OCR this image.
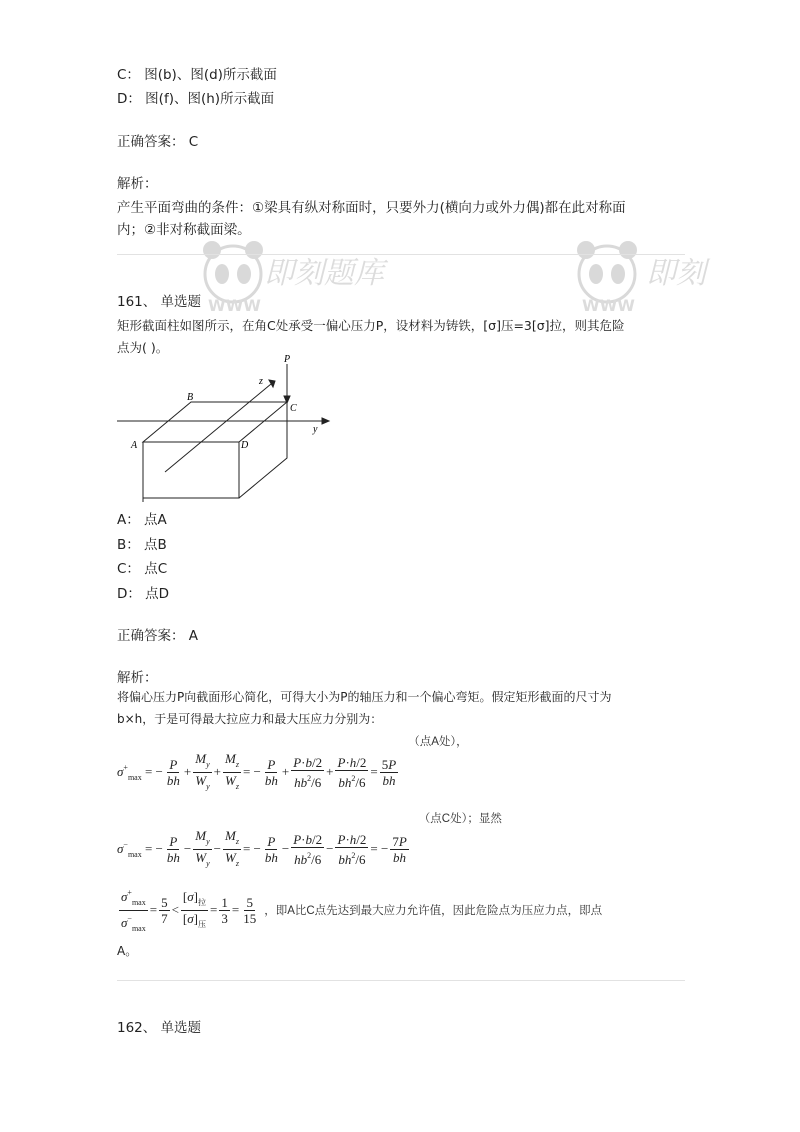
即刻题库
WWW
即刻
WWW
C： 图(b)、图(d)所示截面
D： 图(f)、图(h)所示截面
正确答案： C
解析：
产生平面弯曲的条件：①梁具有纵对称面时，只要外力(横向力或外力偶)都在此对称面
内；②非对称截面梁。
161、 单选题
矩形截面柱如图所示，在角C处承受一偏心压力P，设材料为铸铁，[σ]压=3[σ]拉，则其危险
点为( )。
P
z
y
A
B
C
D
A： 点A
B： 点B
C： 点C
D： 点D
正确答案： A
解析：
将偏心压力P向截面形心简化，可得大小为P的轴压力和一个偏心弯矩。假定矩形截面的尺寸为
b×h，于是可得最大拉应力和最大压应力分别为：
$\sigma^+_{max}$ = − $\frac{P}{bh} + \frac{M_y}{W_y} + \frac{M_z}{W_z}$ = − $\frac{P}{bh} + \frac{P\cdot b/2}{hb^2/6} + \frac{P\cdot h/2}{bh^2/6} = \frac{5P}{bh}$
（点A处），
$\sigma^-_{max}$ = − $\frac{P}{bh} - \frac{M_y}{W_y} - \frac{M_z}{W_z}$ = − $\frac{P}{bh} - \frac{P\cdot b/2}{hb^2/6} - \frac{P\cdot h/2}{bh^2/6}$ = − $\frac{7P}{bh}$
（点C处）；显然
$\frac{\sigma^+_{max}}{\sigma^-_{max}} = \frac{5}{7} < \frac{[\sigma]_拉}{[\sigma]_压} = \frac{1}{3} = \frac{5}{15}$ ，即A比C点先达到最大应力允许值，因此危险点为压应力点，即点
A。
162、 单选题
